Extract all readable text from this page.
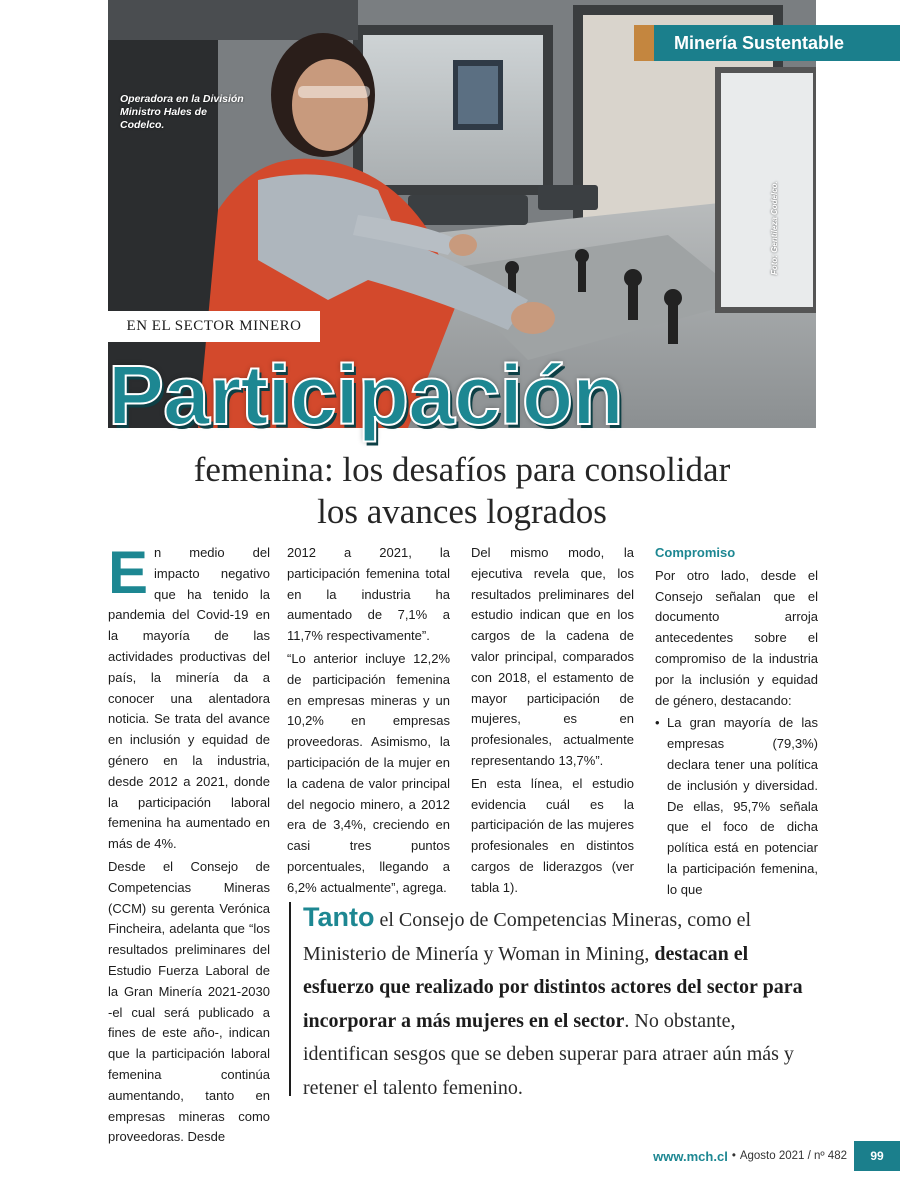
Operadora en la División Ministro Hales de Codelco.
Foto: Gentileza Codelco.
Minería Sustentable
EN EL SECTOR MINERO
Participación
femenina: los desafíos para consolidar
los avances logrados

En medio del impacto negativo que ha tenido la pandemia del Covid-19 en la mayoría de las actividades productivas del país, la minería da a conocer una alentadora noticia. Se trata del avance en inclusión y equidad de género en la industria, desde 2012 a 2021, donde la participación laboral femenina ha aumentado en más de 4%.

Desde el Consejo de Competencias Mineras (CCM) su gerenta Verónica Fincheira, adelanta que “los resultados preliminares del Estudio Fuerza Laboral de la Gran Minería 2021-2030 -el cual será publicado a fines de este año-, indican que la participación laboral femenina continúa aumentando, tanto en empresas mineras como proveedoras. Desde

2012 a 2021, la participación femenina total en la industria ha aumentado de 7,1% a 11,7% respectivamente”.

“Lo anterior incluye 12,2% de participación femenina en empresas mineras y un 10,2% en empresas proveedoras. Asimismo, la participación de la mujer en la cadena de valor principal del negocio minero, a 2012 era de 3,4%, creciendo en casi tres puntos porcentuales, llegando a 6,2% actualmente”, agrega.

Del mismo modo, la ejecutiva revela que, los resultados preliminares del estudio indican que en los cargos de la cadena de valor principal, comparados con 2018, el estamento de mayor participación de mujeres, es en profesionales, actualmente representando 13,7%”.

En esta línea, el estudio evidencia cuál es la participación de las mujeres profesionales en distintos cargos de liderazgos (ver tabla 1).

Compromiso

Por otro lado, desde el Consejo señalan que el documento arroja antecedentes sobre el compromiso de la industria por la inclusión y equidad de género, destacando:

• La gran mayoría de las empresas (79,3%) declara tener una política de inclusión y diversidad. De ellas, 95,7% señala que el foco de dicha política está en potenciar la participación femenina, lo que
Tanto el Consejo de Competencias Mineras, como el Ministerio de Minería y Woman in Mining, destacan el esfuerzo que realizado por distintos actores del sector para incorporar a más mujeres en el sector. No obstante, identifican sesgos que se deben superar para atraer aún más y retener el talento femenino.
www.mch.cl • Agosto 2021 / nº 482	99
